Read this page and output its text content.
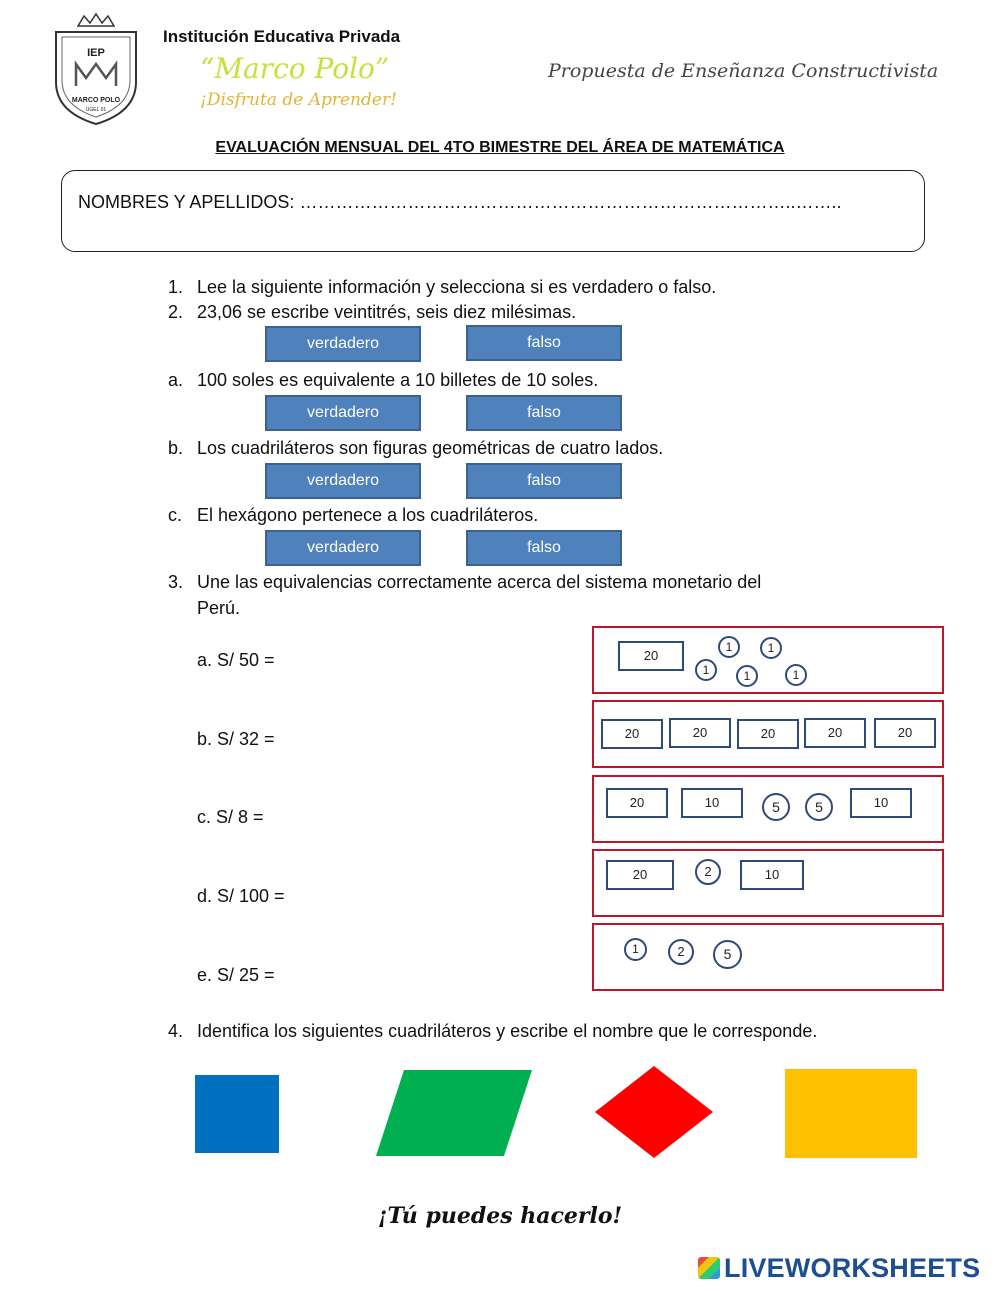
IEP
MARCO POLO
UGEL 01
Institución Educativa Privada
“Marco Polo”
¡Disfruta de Aprender!
Propuesta de Enseñanza Constructivista
EVALUACIÓN MENSUAL DEL 4TO BIMESTRE DEL ÁREA DE MATEMÁTICA
NOMBRES Y APELLIDOS: ………………………………………………………………………..……..
1. Lee la siguiente información y selecciona si es verdadero o falso.
2. 23,06 se escribe veintitrés, seis diez milésimas.
verdadero	falso
a. 100 soles es equivalente a 10 billetes de 10 soles.
verdadero	falso
b. Los cuadriláteros son figuras geométricas de cuatro lados.
verdadero	falso
c. El hexágono pertenece a los cuadriláteros.
verdadero	falso
3. Une las equivalencias correctamente acerca del sistema monetario del
Perú.
a. S/ 50 =
b. S/ 32 =
c. S/ 8 =
d. S/ 100 =
e. S/ 25 =
20
1	1
1	1	1
20	20	20	20	20
20	10	5	5	10
20	2	10
1	2	5
4. Identifica los siguientes cuadriláteros y escribe el nombre que le corresponde.
¡Tú puedes hacerlo!
LIVEWORKSHEETS
